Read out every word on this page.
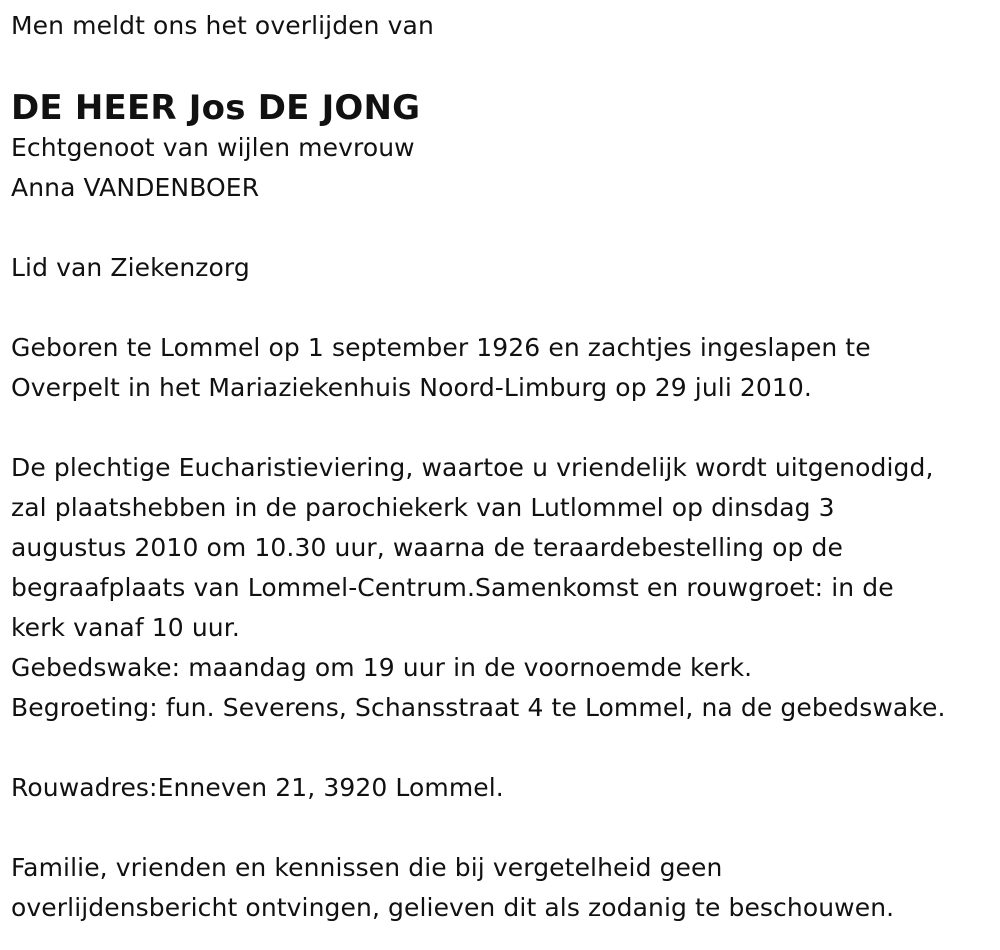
Men meldt ons het overlijden van
DE HEER Jos DE JONG
Echtgenoot van wijlen mevrouw
Anna VANDENBOER
Lid van Ziekenzorg
Geboren te Lommel op 1 september 1926 en zachtjes ingeslapen te
Overpelt in het Mariaziekenhuis Noord-Limburg op 29 juli 2010.
De plechtige Eucharistieviering, waartoe u vriendelijk wordt uitgenodigd,
zal plaatshebben in de parochiekerk van Lutlommel op dinsdag 3
augustus 2010 om 10.30 uur, waarna de teraardebestelling op de
begraafplaats van Lommel-Centrum.Samenkomst en rouwgroet: in de
kerk vanaf 10 uur.
Gebedswake: maandag om 19 uur in de voornoemde kerk.
Begroeting: fun. Severens, Schansstraat 4 te Lommel, na de gebedswake.
Rouwadres:Enneven 21, 3920 Lommel.
Familie, vrienden en kennissen die bij vergetelheid geen
overlijdensbericht ontvingen, gelieven dit als zodanig te beschouwen.
